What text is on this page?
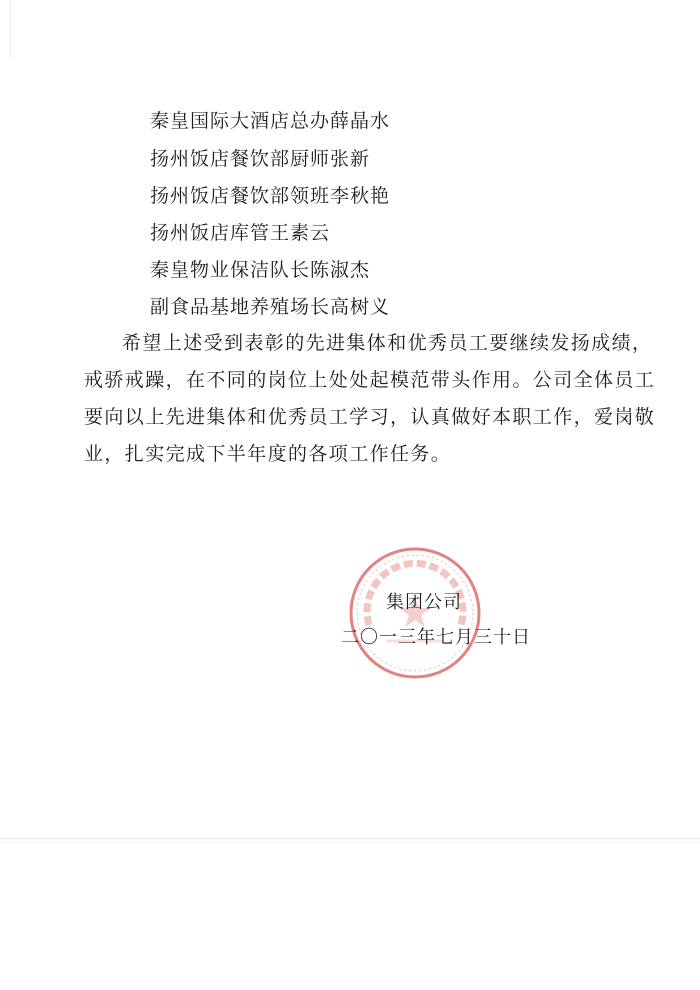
秦皇国际大酒店总办薛晶水
扬州饭店餐饮部厨师张新
扬州饭店餐饮部领班李秋艳
扬州饭店库管王素云
秦皇物业保洁队长陈淑杰
副食品基地养殖场长高树义
希望上述受到表彰的先进集体和优秀员工要继续发扬成绩，
戒骄戒躁，在不同的岗位上处处起模范带头作用。公司全体员工
要向以上先进集体和优秀员工学习，认真做好本职工作，爱岗敬
业，扎实完成下半年度的各项工作任务。
集团公司
二〇一三年七月三十日
